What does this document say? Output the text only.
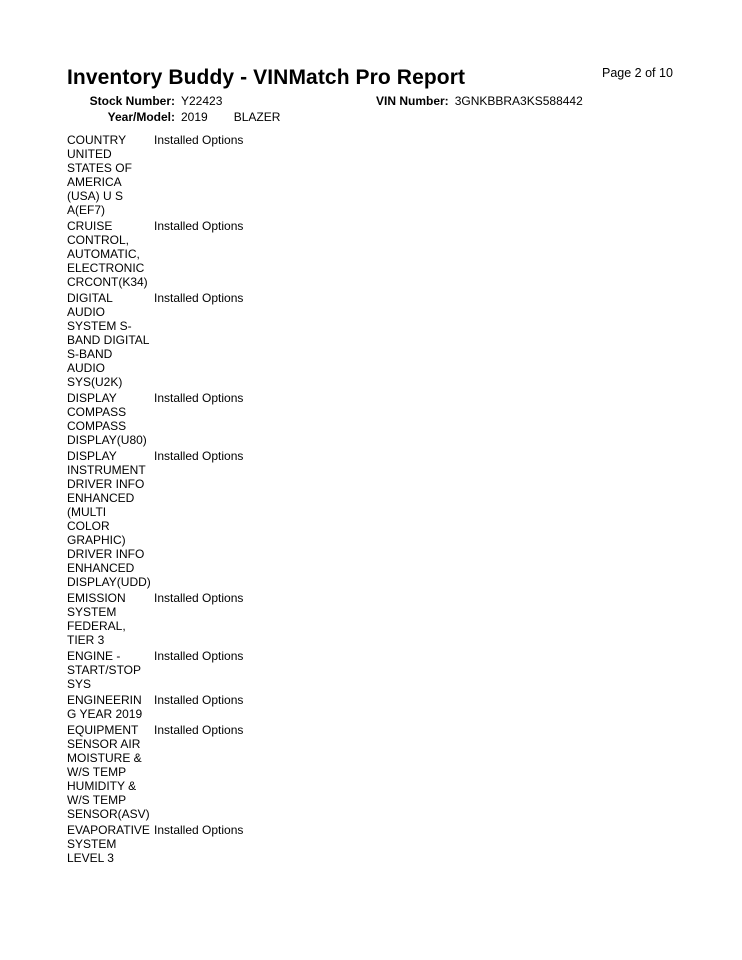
Page 2 of 10
Inventory Buddy - VINMatch Pro Report
Stock Number: Y22423	VIN Number: 3GNKBBRA3KS588442
Year/Model: 2019 BLAZER
COUNTRY
UNITED
STATES OF
AMERICA
(USA) U S
A(EF7)
Installed Options
CRUISE
CONTROL,
AUTOMATIC,
ELECTRONIC
CRCONT(K34)
Installed Options
DIGITAL
AUDIO
SYSTEM S-
BAND DIGITAL
S-BAND
AUDIO
SYS(U2K)
Installed Options
DISPLAY
COMPASS
COMPASS
DISPLAY(U80)
Installed Options
DISPLAY
INSTRUMENT
DRIVER INFO
ENHANCED
(MULTI
COLOR
GRAPHIC)
DRIVER INFO
ENHANCED
DISPLAY(UDD)
Installed Options
EMISSION
SYSTEM
FEDERAL,
TIER 3
Installed Options
ENGINE -
START/STOP
SYS
Installed Options
ENGINEERIN
G YEAR 2019
Installed Options
EQUIPMENT
SENSOR AIR
MOISTURE &
W/S TEMP
HUMIDITY &
W/S TEMP
SENSOR(ASV)
Installed Options
EVAPORATIVE
SYSTEM
LEVEL 3
Installed Options
